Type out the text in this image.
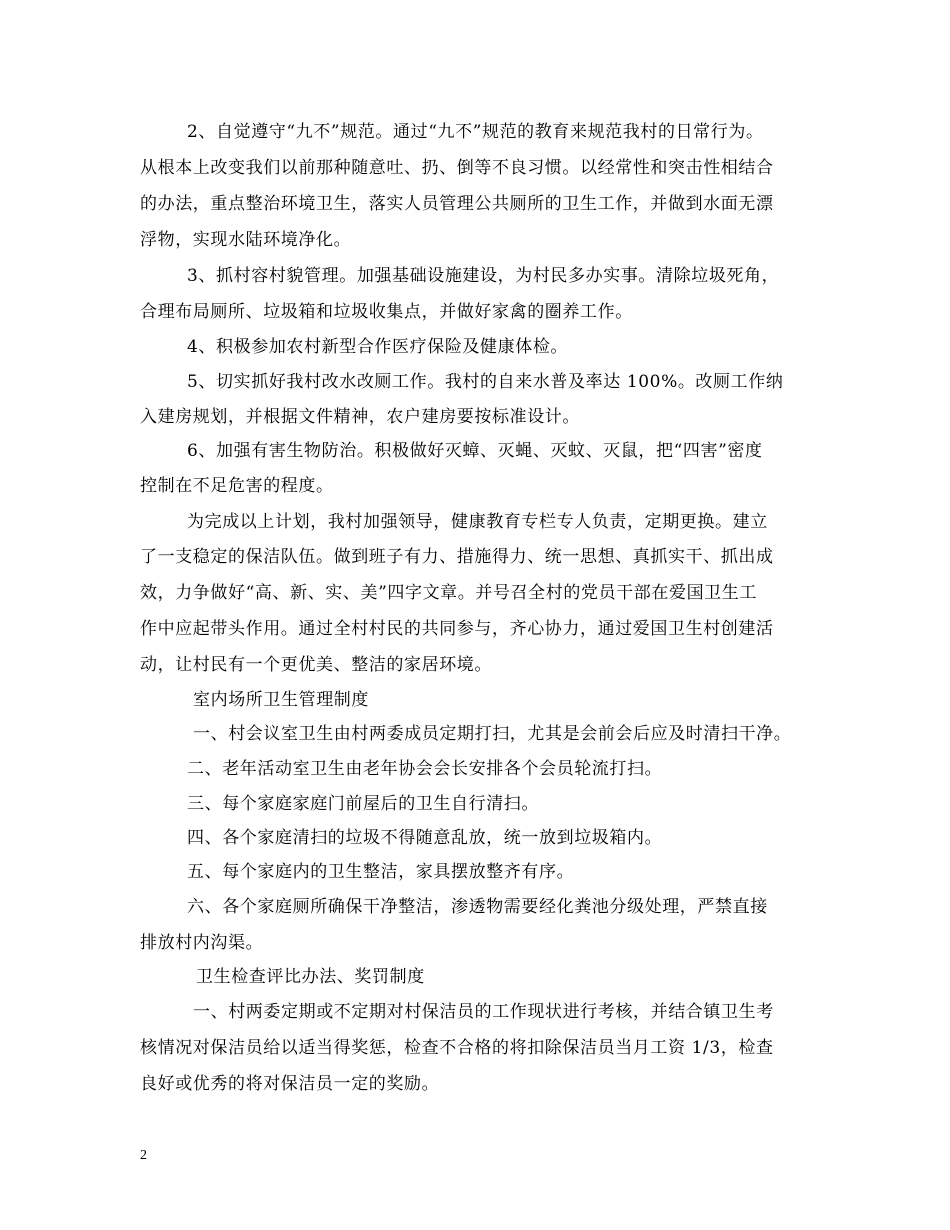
2、自觉遵守“九不”规范。通过“九不”规范的教育来规范我村的日常行为。
从根本上改变我们以前那种随意吐、扔、倒等不良习惯。以经常性和突击性相结合
的办法，重点整治环境卫生，落实人员管理公共厕所的卫生工作，并做到水面无漂
浮物，实现水陆环境净化。
3、抓村容村貌管理。加强基础设施建设，为村民多办实事。清除垃圾死角，
合理布局厕所、垃圾箱和垃圾收集点，并做好家禽的圈养工作。
4、积极参加农村新型合作医疗保险及健康体检。
5、切实抓好我村改水改厕工作。我村的自来水普及率达 100%。改厕工作纳
入建房规划，并根据文件精神，农户建房要按标准设计。
6、加强有害生物防治。积极做好灭蟑、灭蝇、灭蚊、灭鼠，把“四害”密度
控制在不足危害的程度。
为完成以上计划，我村加强领导，健康教育专栏专人负责，定期更换。建立
了一支稳定的保洁队伍。做到班子有力、措施得力、统一思想、真抓实干、抓出成
效，力争做好“高、新、实、美”四字文章。并号召全村的党员干部在爱国卫生工
作中应起带头作用。通过全村村民的共同参与，齐心协力，通过爱国卫生村创建活
动，让村民有一个更优美、整洁的家居环境。
室内场所卫生管理制度
一、村会议室卫生由村两委成员定期打扫，尤其是会前会后应及时清扫干净。
二、老年活动室卫生由老年协会会长安排各个会员轮流打扫。
三、每个家庭家庭门前屋后的卫生自行清扫。
四、各个家庭清扫的垃圾不得随意乱放，统一放到垃圾箱内。
五、每个家庭内的卫生整洁，家具摆放整齐有序。
六、各个家庭厕所确保干净整洁，渗透物需要经化粪池分级处理，严禁直接
排放村内沟渠。
卫生检查评比办法、奖罚制度
一、村两委定期或不定期对村保洁员的工作现状进行考核，并结合镇卫生考
核情况对保洁员给以适当得奖惩，检查不合格的将扣除保洁员当月工资 1/3，检查
良好或优秀的将对保洁员一定的奖励。
2
